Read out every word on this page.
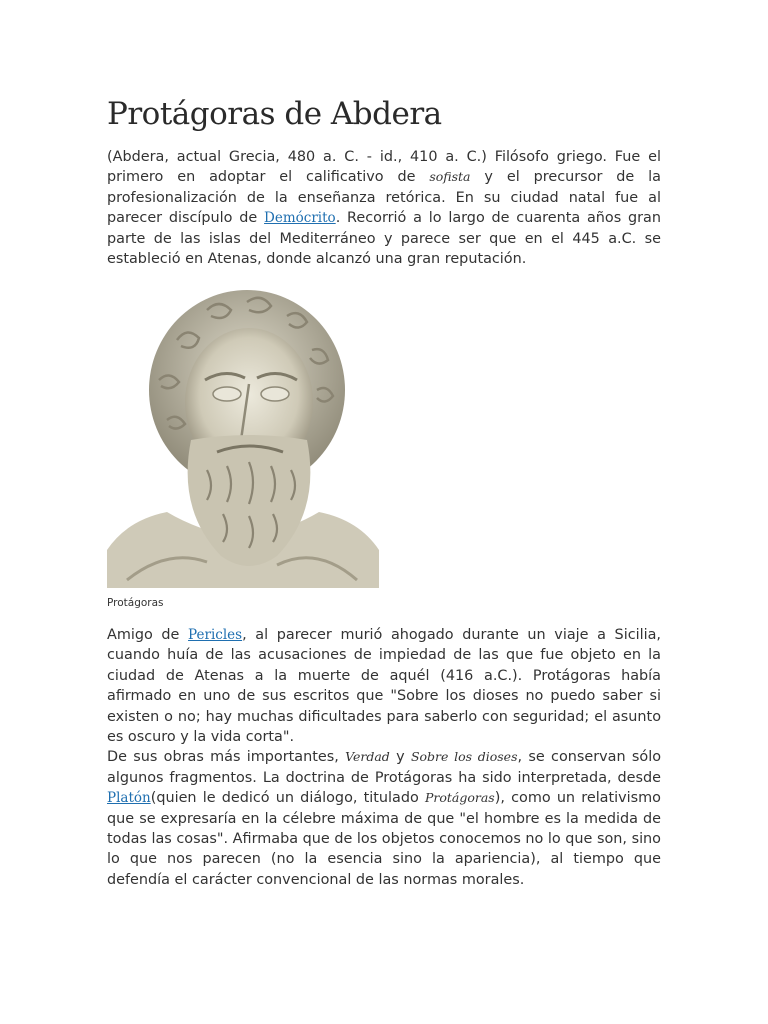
Protágoras de Abdera

(Abdera, actual Grecia, 480 a. C. - id., 410 a. C.) Filósofo griego. Fue el primero en adoptar el calificativo de sofista y el precursor de la profesionalización de la enseñanza retórica. En su ciudad natal fue al parecer discípulo de Demócrito. Recorrió a lo largo de cuarenta años gran parte de las islas del Mediterráneo y parece ser que en el 445 a.C. se estableció en Atenas, donde alcanzó una gran reputación.

Protágoras
Amigo de Pericles, al parecer murió ahogado durante un viaje a Sicilia, cuando huía de las acusaciones de impiedad de las que fue objeto en la ciudad de Atenas a la muerte de aquél (416 a.C.). Protágoras había afirmado en uno de sus escritos que "Sobre los dioses no puedo saber si existen o no; hay muchas dificultades para saberlo con seguridad; el asunto es oscuro y la vida corta".
De sus obras más importantes, Verdad y Sobre los dioses, se conservan sólo algunos fragmentos. La doctrina de Protágoras ha sido interpretada, desde Platón(quien le dedicó un diálogo, titulado Protágoras), como un relativismo que se expresaría en la célebre máxima de que "el hombre es la medida de todas las cosas". Afirmaba que de los objetos conocemos no lo que son, sino lo que nos parecen (no la esencia sino la apariencia), al tiempo que defendía el carácter convencional de las normas morales.
